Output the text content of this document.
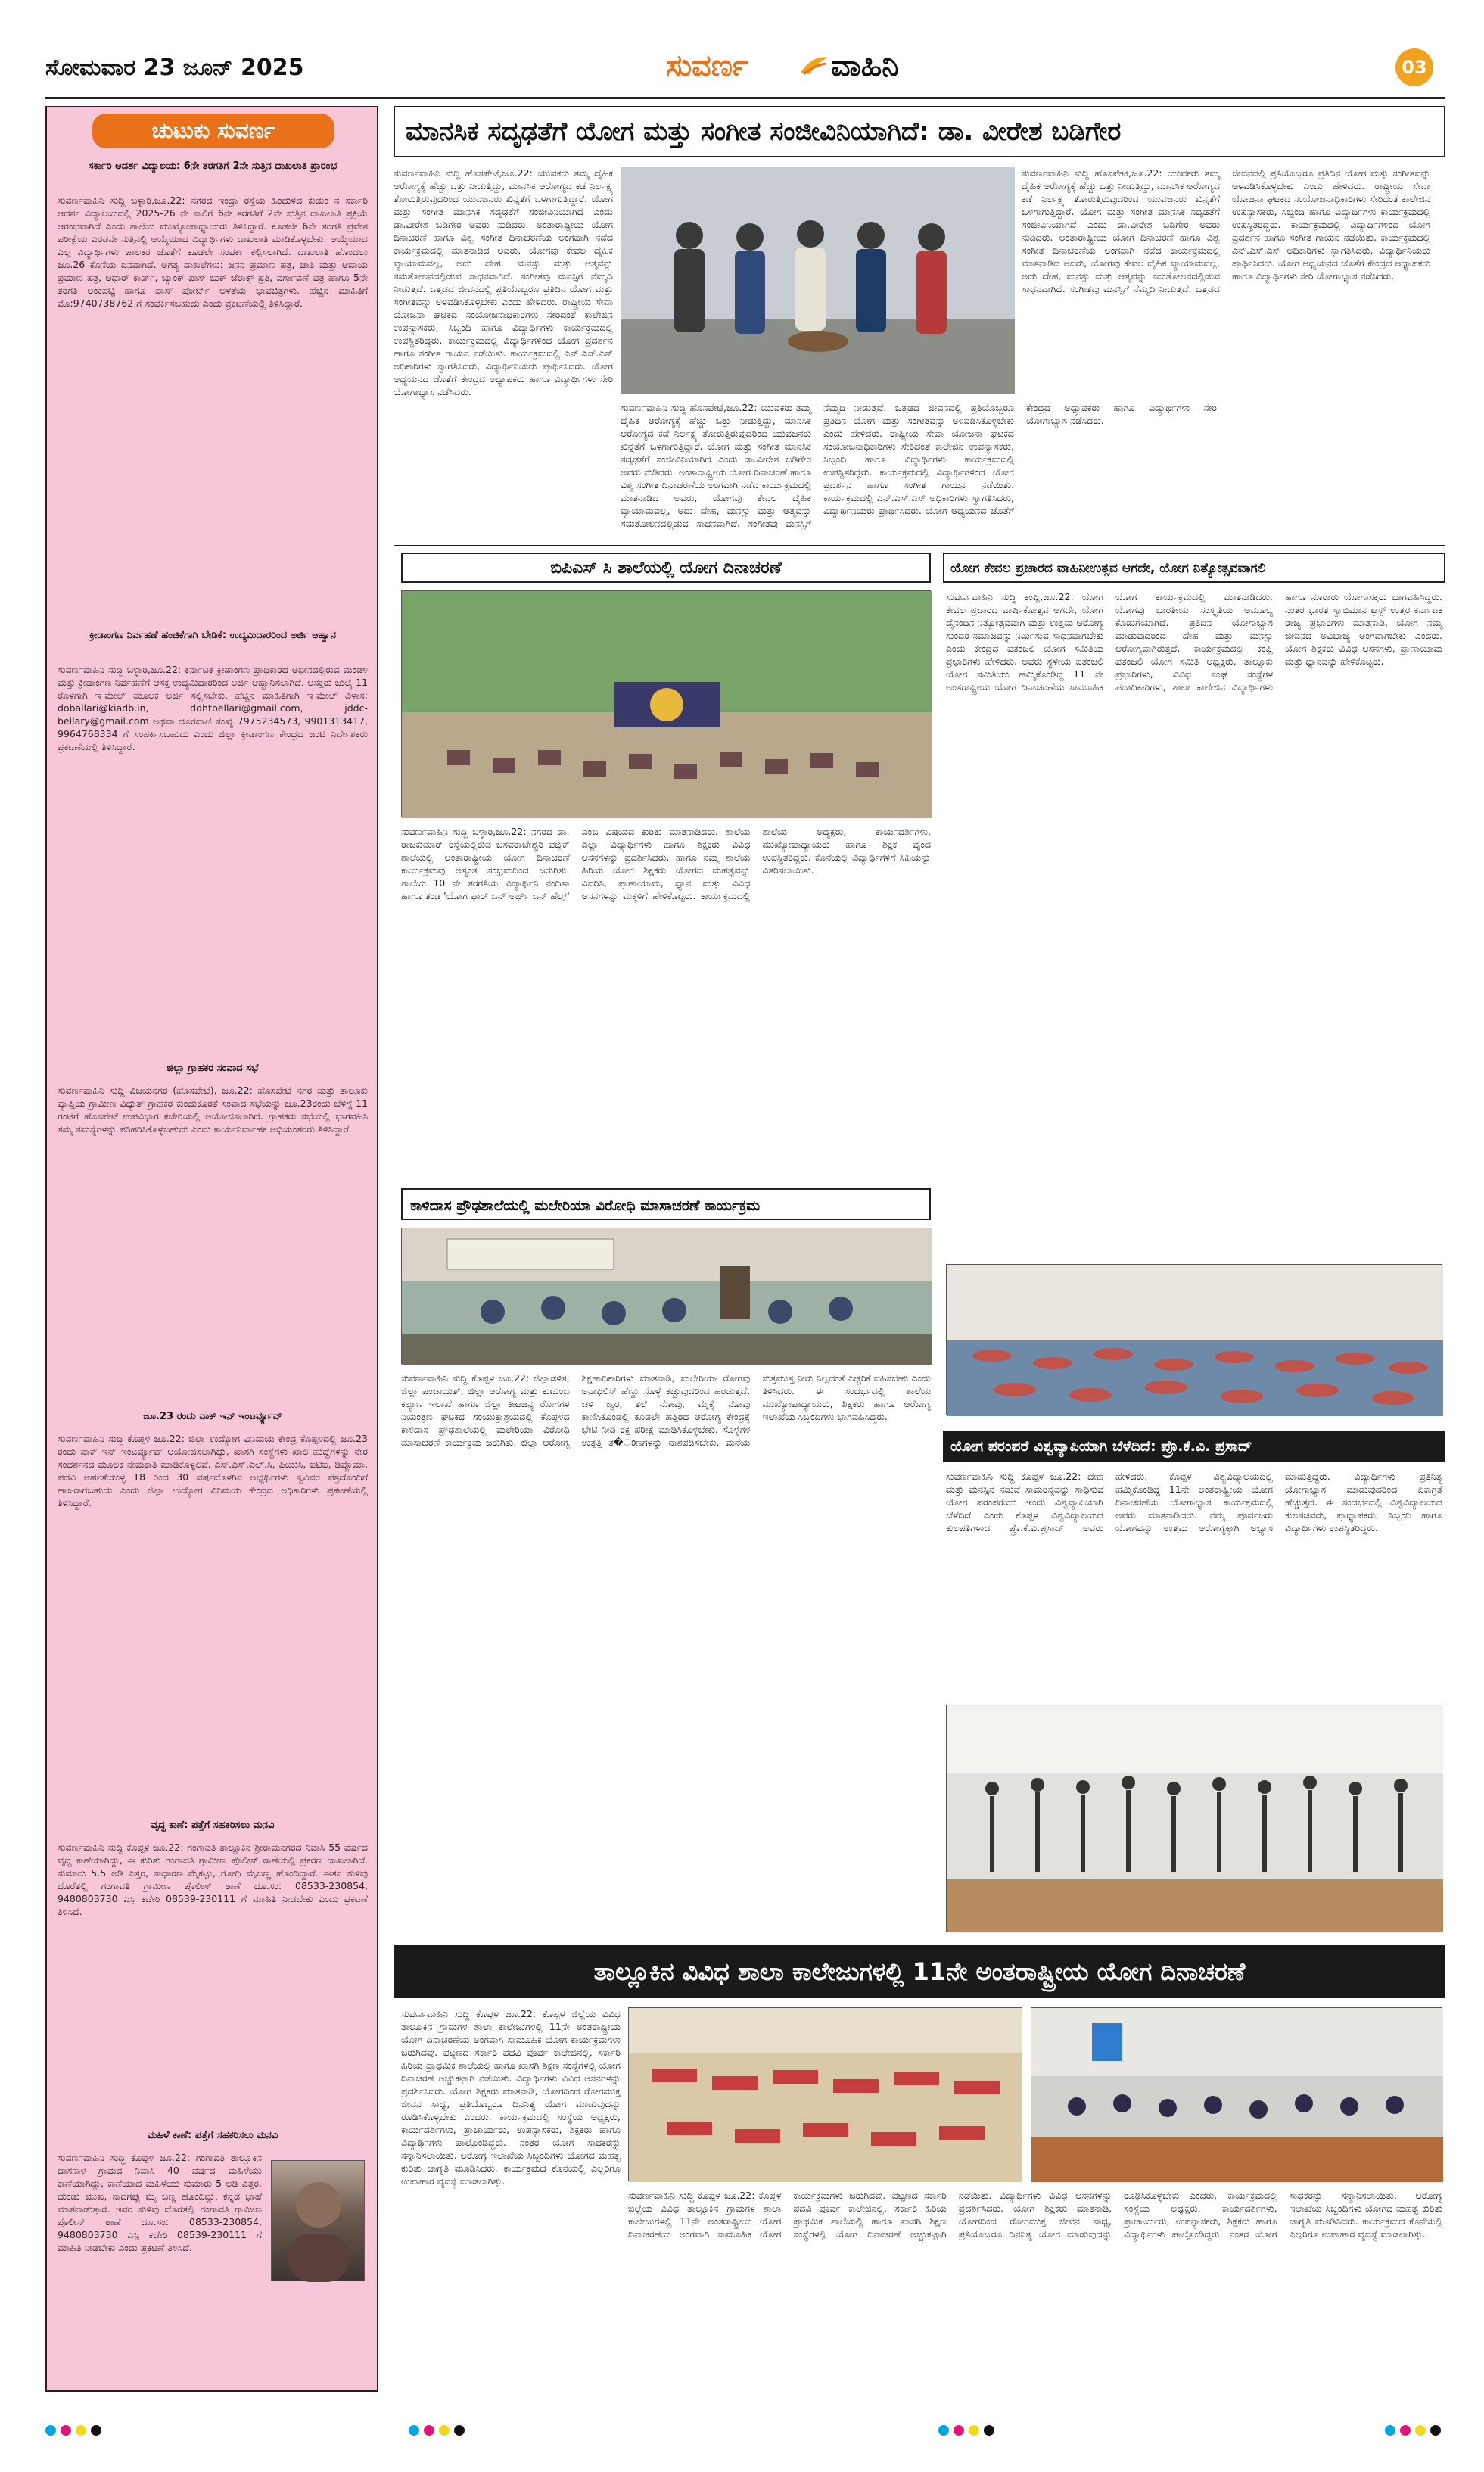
ಸೋಮವಾರ 23 ಜೂನ್ 2025	ಸುವರ್ಣ	ವಾಹಿನಿ	03
ಚುಟುಕು ಸುವರ್ಣ
ಸರ್ಕಾರಿ ಆದರ್ಶ ವಿದ್ಯಾಲಯ: 6ನೇ ತರಗತಿಗೆ 2ನೇ ಸುತ್ತಿನ ದಾಖಲಾತಿ ಪ್ರಾರಂಭ
ಸುವರ್ಣವಾಹಿನಿ ಸುದ್ದಿ ಬಳ್ಳಾರಿ,ಜೂ.22: ನಗರದ ಇಂದ್ರಾ ರಸ್ತೆಯ ಹಿಂದುಳಿದ ಕುಡುಂ ನ ಸರ್ಕಾರಿ ಆದರ್ಶ ವಿದ್ಯಾಲಯದಲ್ಲಿ 2025-26 ನೇ ಸಾಲಿಗೆ 6ನೇ ತರಗತಿಗೆ 2ನೇ ಸುತ್ತಿನ ದಾಖಲಾತಿ ಪ್ರಕ್ರಿಯೆ ಆರಂಭವಾಗಿದೆ ಎಂದು ಶಾಲೆಯ ಮುಖ್ಯೋಪಾಧ್ಯಾಯರು ತಿಳಿಸಿದ್ದಾರೆ. ಕೂಡಲೇ 6ನೇ ತರಗತಿ ಪ್ರವೇಶ ಪರೀಕ್ಷೆಯ ಎರಡನೇ ಸುತ್ತಿನಲ್ಲಿ ಆಯ್ಕೆಯಾದ ವಿದ್ಯಾರ್ಥಿಗಳು ದಾಖಲಾತಿ ಮಾಡಿಕೊಳ್ಳಬೇಕು. ಆಯ್ಕೆಯಾದ ಎಲ್ಲ ವಿದ್ಯಾರ್ಥಿಗಳು ಪಾಲಕರ ಜೊತೆಗೆ ಕೂಡಲೇ ಸಂಪರ್ಕ ಕಲ್ಪಿಸಲಾಗಿದೆ. ದಾಖಲಾತಿ ಹೊಂದಲು ಜೂ.26 ಕೊನೆಯ ದಿನವಾಗಿದೆ. ಅಗತ್ಯ ದಾಖಲೆಗಳು: ಜನನ ಪ್ರಮಾಣ ಪತ್ರ, ಜಾತಿ ಮತ್ತು ಆದಾಯ ಪ್ರಮಾಣ ಪತ್ರ, ಆಧಾರ್ ಕಾರ್ಡ್, ಬ್ಯಾಂಕ್ ಪಾಸ್ ಬುಕ್ ಜೆರಾಕ್ಸ್ ಪ್ರತಿ, ವರ್ಗಾವಣೆ ಪತ್ರ ಹಾಗೂ 5ನೇ ತರಗತಿ ಅಂಕಪಟ್ಟಿ ಹಾಗೂ ಪಾಸ್ ಪೋರ್ಟ್ ಅಳತೆಯ ಭಾವಚಿತ್ರಗಳು. ಹೆಚ್ಚಿನ ಮಾಹಿತಿಗೆ ಮೊ:9740738762 ಗೆ ಸಂಪರ್ಕಿಸಬಹುದು ಎಂದು ಪ್ರಕಟಣೆಯಲ್ಲಿ ತಿಳಿಸಿದ್ದಾರೆ.
ಕ್ರೀಡಾಂಗಣ ನಿರ್ವಹಣೆ ಹಂಚಿಕೆಗಾಗಿ ಬೇಡಿಕೆ: ಉದ್ಯಮಿದಾರರಿಂದ ಅರ್ಜಿ ಆಹ್ವಾನ
ಸುವರ್ಣವಾಹಿನಿ ಸುದ್ದಿ ಬಳ್ಳಾರಿ,ಜೂ.22: ಕರ್ನಾಟಕ ಕ್ರೀಡಾಂಗಣ ಪ್ರಾಧಿಕಾರದ ಅಧೀನದಲ್ಲಿರುವ ಮಂಡಳಿ ಮತ್ತು ಕ್ರೀಡಾಂಗಣ ನಿರ್ವಹಣೆಗೆ ಆಸಕ್ತ ಉದ್ಯಮಿದಾರರಿಂದ ಅರ್ಜಿ ಆಹ್ವಾನಿಸಲಾಗಿದೆ. ಆಸಕ್ತರು ಜುಲೈ 11 ರೊಳಗಾಗಿ ಇ-ಮೇಲ್ ಮೂಲಕ ಅರ್ಜಿ ಸಲ್ಲಿಸಬೇಕು. ಹೆಚ್ಚಿನ ಮಾಹಿತಿಗಾಗಿ ಇ-ಮೇಲ್ ವಿಳಾಸ: doballari@kiadb.in, ddhtbellari@gmail.com, jddc-bellary@gmail.com ಅಥವಾ ದೂರವಾಣಿ ಸಂಖ್ಯೆ 7975234573, 9901313417, 9964768334 ಗೆ ಸಂಪರ್ಕಿಸಬಹುದು ಎಂದು ಜಿಲ್ಲಾ ಕ್ರೀಡಾಂಗಣ ಕೇಂದ್ರದ ಜಂಟಿ ನಿರ್ದೇಶಕರು ಪ್ರಕಟಣೆಯಲ್ಲಿ ತಿಳಿಸಿದ್ದಾರೆ.
ಜಿಲ್ಲಾ ಗ್ರಾಹಕರ ಸಂವಾದ ಸಭೆ
ಸುವರ್ಣವಾಹಿನಿ ಸುದ್ದಿ ವಿಜಯನಗರ (ಹೊಸಪೇಟೆ), ಜೂ.22: ಹೊಸಪೇಟೆ ನಗರ ಮತ್ತು ತಾಲೂಕು ವ್ಯಾಪ್ತಿಯ ಗ್ರಾಮೀಣ ವಿದ್ಯುತ್ ಗ್ರಾಹಕರ ಕುಂದುಕೊರತೆ ಸಂವಾದ ಸಭೆಯನ್ನು ಜೂ.23ರಂದು ಬೆಳಿಗ್ಗೆ 11 ಗಂಟೆಗೆ ಹೊಸಪೇಟೆ ಉಪವಿಭಾಗ ಕಚೇರಿಯಲ್ಲಿ ಆಯೋಜಿಸಲಾಗಿದೆ. ಗ್ರಾಹಕರು ಸಭೆಯಲ್ಲಿ ಭಾಗವಹಿಸಿ ತಮ್ಮ ಸಮಸ್ಯೆಗಳನ್ನು ಪರಿಹರಿಸಿಕೊಳ್ಳಬಹುದು ಎಂದು ಕಾರ್ಯನಿರ್ವಾಹಕ ಅಭಿಯಂತರರು ತಿಳಿಸಿದ್ದಾರೆ.
ಜೂ.23 ರಂದು ವಾಕ್ ಇನ್ ಇಂಟರ್ವ್ಯೂವ್
ಸುವರ್ಣವಾಹಿನಿ ಸುದ್ದಿ ಕೊಪ್ಪಳ ಜೂ.22: ಜಿಲ್ಲಾ ಉದ್ಯೋಗ ವಿನಿಮಯ ಕೇಂದ್ರ ಕೊಪ್ಪಳದಲ್ಲಿ ಜೂ.23 ರಂದು ವಾಕ್ ಇನ್ ಇಂಟರ್ವ್ಯೂವ್ ಆಯೋಜಿಸಲಾಗಿದ್ದು, ಖಾಸಗಿ ಸಂಸ್ಥೆಗಳು ಖಾಲಿ ಹುದ್ದೆಗಳನ್ನು ನೇರ ಸಂದರ್ಶನದ ಮೂಲಕ ನೇಮಕಾತಿ ಮಾಡಿಕೊಳ್ಳಲಿವೆ. ಎಸ್.ಎಸ್.ಎಲ್.ಸಿ, ಪಿಯುಸಿ, ಐಟಿಐ, ಡಿಪ್ಲೊಮಾ, ಪದವಿ ಅರ್ಹತೆಯುಳ್ಳ 18 ರಿಂದ 30 ವರ್ಷದೊಳಗಿನ ಅಭ್ಯರ್ಥಿಗಳು ಸ್ವವಿವರ ಪತ್ರದೊಂದಿಗೆ ಹಾಜರಾಗಬಹುದು ಎಂದು ಜಿಲ್ಲಾ ಉದ್ಯೋಗ ವಿನಿಮಯ ಕೇಂದ್ರದ ಅಧಿಕಾರಿಗಳು ಪ್ರಕಟಣೆಯಲ್ಲಿ ತಿಳಿಸಿದ್ದಾರೆ.
ವೃದ್ಧ ಕಾಣೆ: ಪತ್ತೆಗೆ ಸಹಕರಿಸಲು ಮನವಿ
ಸುವರ್ಣವಾಹಿನಿ ಸುದ್ದಿ ಕೊಪ್ಪಳ ಜೂ.22: ಗಂಗಾವತಿ ತಾಲ್ಲೂಕಿನ ಶ್ರೀರಾಮನಗರದ ನಿವಾಸಿ 55 ವರ್ಷದ ವೃದ್ಧ ಕಾಣೆಯಾಗಿದ್ದು, ಈ ಕುರಿತು ಗಂಗಾವತಿ ಗ್ರಾಮೀಣ ಪೊಲೀಸ್ ಠಾಣೆಯಲ್ಲಿ ಪ್ರಕರಣ ದಾಖಲಾಗಿದೆ. ಸುಮಾರು 5.5 ಅಡಿ ಎತ್ತರ, ಸಾಧಾರಣ ಮೈಕಟ್ಟು, ಗೋಧಿ ಮೈಬಣ್ಣ ಹೊಂದಿದ್ದಾರೆ. ಈತನ ಸುಳಿವು ದೊರೆತಲ್ಲಿ ಗಂಗಾವತಿ ಗ್ರಾಮೀಣ ಪೊಲೀಸ್ ಠಾಣೆ ದೂ.ಸಂ: 08533-230854, 9480803730 ಎಸ್ಪಿ ಕಚೇರಿ 08539-230111 ಗೆ ಮಾಹಿತಿ ನೀಡಬೇಕು ಎಂದು ಪ್ರಕಟಣೆ ತಿಳಿಸಿದೆ.
ಮಹಿಳೆ ಕಾಣೆ: ಪತ್ತೆಗೆ ಸಹಕರಿಸಲು ಮನವಿ
ಸುವರ್ಣವಾಹಿನಿ ಸುದ್ದಿ ಕೊಪ್ಪಳ ಜೂ.22: ಗಂಗಾವತಿ ತಾಲ್ಲೂಕಿನ ದಾಸನಾಳ ಗ್ರಾಮದ ನಿವಾಸಿ 40 ವರ್ಷದ ಮಹಿಳೆಯು ಕಾಣೆಯಾಗಿದ್ದು, ಕಾಣೆಯಾದ ಮಹಿಳೆಯು ಸುಮಾರು 5 ಅಡಿ ಎತ್ತರ, ದುಂಡು ಮುಖ, ಸಾದಗಪ್ಪು ಮೈ ಬಣ್ಣ ಹೊಂದಿದ್ದು, ಕನ್ನಡ ಭಾಷೆ ಮಾತನಾಡುತ್ತಾರೆ. ಇವರ ಸುಳಿವು ದೊರೆತಲ್ಲಿ ಗಂಗಾವತಿ ಗ್ರಾಮೀಣ ಪೊಲೀಸ್ ಠಾಣೆ ದೂ.ಸಂ: 08533-230854, 9480803730 ಎಸ್ಪಿ ಕಚೇರಿ 08539-230111 ಗೆ ಮಾಹಿತಿ ನೀಡಬೇಕು ಎಂದು ಪ್ರಕಟಣೆ ತಿಳಿಸಿದೆ.
ಮಾನಸಿಕ ಸದೃಢತೆಗೆ ಯೋಗ ಮತ್ತು ಸಂಗೀತ ಸಂಜೀವಿನಿಯಾಗಿದೆ: ಡಾ. ವೀರೇಶ ಬಡಿಗೇರ
ಸುವರ್ಣವಾಹಿನಿ ಸುದ್ದಿ ಹೊಸಪೇಟೆ,ಜೂ.22: ಯುವಕರು ತಮ್ಮ ದೈಹಿಕ ಆರೋಗ್ಯಕ್ಕೆ ಹೆಚ್ಚು ಒತ್ತು ನೀಡುತ್ತಿದ್ದು, ಮಾನಸಿಕ ಆರೋಗ್ಯದ ಕಡೆ ನಿರ್ಲಕ್ಷ್ಯ ತೋರುತ್ತಿರುವುದರಿಂದ ಯುವಜನರು ಖಿನ್ನತೆಗೆ ಒಳಗಾಗುತ್ತಿದ್ದಾರೆ. ಯೋಗ ಮತ್ತು ಸಂಗೀತ ಮಾನಸಿಕ ಸದೃಢತೆಗೆ ಸಂಜೀವಿನಿಯಾಗಿದೆ ಎಂದು ಡಾ.ವೀರೇಶ ಬಡಿಗೇರ ಅವರು ನುಡಿದರು. ಅಂತಾರಾಷ್ಟ್ರೀಯ ಯೋಗ ದಿನಾಚರಣೆ ಹಾಗೂ ವಿಶ್ವ ಸಂಗೀತ ದಿನಾಚರಣೆಯ ಅಂಗವಾಗಿ ನಡೆದ ಕಾರ್ಯಕ್ರಮದಲ್ಲಿ ಮಾತನಾಡಿದ ಅವರು, ಯೋಗವು ಕೇವಲ ದೈಹಿಕ ವ್ಯಾಯಾಮವಲ್ಲ, ಅದು ದೇಹ, ಮನಸ್ಸು ಮತ್ತು ಆತ್ಮವನ್ನು ಸಮತೋಲನದಲ್ಲಿಡುವ ಸಾಧನವಾಗಿದೆ. ಸಂಗೀತವು ಮನಸ್ಸಿಗೆ ನೆಮ್ಮದಿ ನೀಡುತ್ತದೆ. ಒತ್ತಡದ ಜೀವನದಲ್ಲಿ ಪ್ರತಿಯೊಬ್ಬರೂ ಪ್ರತಿದಿನ ಯೋಗ ಮತ್ತು ಸಂಗೀತವನ್ನು ಅಳವಡಿಸಿಕೊಳ್ಳಬೇಕು ಎಂದು ಹೇಳಿದರು. ರಾಷ್ಟ್ರೀಯ ಸೇವಾ ಯೋಜನಾ ಘಟಕದ ಸಂಯೋಜನಾಧಿಕಾರಿಗಳು ಸೇರಿದಂತೆ ಕಾಲೇಜಿನ ಉಪನ್ಯಾಸಕರು, ಸಿಬ್ಬಂದಿ ಹಾಗೂ ವಿದ್ಯಾರ್ಥಿಗಳು ಕಾರ್ಯಕ್ರಮದಲ್ಲಿ ಉಪಸ್ಥಿತರಿದ್ದರು. ಕಾರ್ಯಕ್ರಮದಲ್ಲಿ ವಿದ್ಯಾರ್ಥಿಗಳಿಂದ ಯೋಗ ಪ್ರದರ್ಶನ ಹಾಗೂ ಸಂಗೀತ ಗಾಯನ ನಡೆಯಿತು. ಕಾರ್ಯಕ್ರಮದಲ್ಲಿ ಎನ್.ಎಸ್.ಎಸ್ ಅಧಿಕಾರಿಗಳು ಸ್ವಾಗತಿಸಿದರು, ವಿದ್ಯಾರ್ಥಿನಿಯರು ಪ್ರಾರ್ಥಿಸಿದರು. ಯೋಗ ಆಧ್ಯಯನದ ಜೊತೆಗೆ ಕೇಂದ್ರದ ಅಧ್ಯಾಪಕರು ಹಾಗೂ ವಿದ್ಯಾರ್ಥಿಗಳು ಸೇರಿ ಯೋಗಾಭ್ಯಾಸ ನಡೆಸಿದರು.
ಸುವರ್ಣವಾಹಿನಿ ಸುದ್ದಿ ಹೊಸಪೇಟೆ,ಜೂ.22: ಯುವಕರು ತಮ್ಮ ದೈಹಿಕ ಆರೋಗ್ಯಕ್ಕೆ ಹೆಚ್ಚು ಒತ್ತು ನೀಡುತ್ತಿದ್ದು, ಮಾನಸಿಕ ಆರೋಗ್ಯದ ಕಡೆ ನಿರ್ಲಕ್ಷ್ಯ ತೋರುತ್ತಿರುವುದರಿಂದ ಯುವಜನರು ಖಿನ್ನತೆಗೆ ಒಳಗಾಗುತ್ತಿದ್ದಾರೆ. ಯೋಗ ಮತ್ತು ಸಂಗೀತ ಮಾನಸಿಕ ಸದೃಢತೆಗೆ ಸಂಜೀವಿನಿಯಾಗಿದೆ ಎಂದು ಡಾ.ವೀರೇಶ ಬಡಿಗೇರ ಅವರು ನುಡಿದರು. ಅಂತಾರಾಷ್ಟ್ರೀಯ ಯೋಗ ದಿನಾಚರಣೆ ಹಾಗೂ ವಿಶ್ವ ಸಂಗೀತ ದಿನಾಚರಣೆಯ ಅಂಗವಾಗಿ ನಡೆದ ಕಾರ್ಯಕ್ರಮದಲ್ಲಿ ಮಾತನಾಡಿದ ಅವರು, ಯೋಗವು ಕೇವಲ ದೈಹಿಕ ವ್ಯಾಯಾಮವಲ್ಲ, ಅದು ದೇಹ, ಮನಸ್ಸು ಮತ್ತು ಆತ್ಮವನ್ನು ಸಮತೋಲನದಲ್ಲಿಡುವ ಸಾಧನವಾಗಿದೆ. ಸಂಗೀತವು ಮನಸ್ಸಿಗೆ ನೆಮ್ಮದಿ ನೀಡುತ್ತದೆ. ಒತ್ತಡದ ಜೀವನದಲ್ಲಿ ಪ್ರತಿಯೊಬ್ಬರೂ ಪ್ರತಿದಿನ ಯೋಗ ಮತ್ತು ಸಂಗೀತವನ್ನು ಅಳವಡಿಸಿಕೊಳ್ಳಬೇಕು ಎಂದು ಹೇಳಿದರು. ರಾಷ್ಟ್ರೀಯ ಸೇವಾ ಯೋಜನಾ ಘಟಕದ ಸಂಯೋಜನಾಧಿಕಾರಿಗಳು ಸೇರಿದಂತೆ ಕಾಲೇಜಿನ ಉಪನ್ಯಾಸಕರು, ಸಿಬ್ಬಂದಿ ಹಾಗೂ ವಿದ್ಯಾರ್ಥಿಗಳು ಕಾರ್ಯಕ್ರಮದಲ್ಲಿ ಉಪಸ್ಥಿತರಿದ್ದರು. ಕಾರ್ಯಕ್ರಮದಲ್ಲಿ ವಿದ್ಯಾರ್ಥಿಗಳಿಂದ ಯೋಗ ಪ್ರದರ್ಶನ ಹಾಗೂ ಸಂಗೀತ ಗಾಯನ ನಡೆಯಿತು. ಕಾರ್ಯಕ್ರಮದಲ್ಲಿ ಎನ್.ಎಸ್.ಎಸ್ ಅಧಿಕಾರಿಗಳು ಸ್ವಾಗತಿಸಿದರು, ವಿದ್ಯಾರ್ಥಿನಿಯರು ಪ್ರಾರ್ಥಿಸಿದರು. ಯೋಗ ಆಧ್ಯಯನದ ಜೊತೆಗೆ ಕೇಂದ್ರದ ಅಧ್ಯಾಪಕರು ಹಾಗೂ ವಿದ್ಯಾರ್ಥಿಗಳು ಸೇರಿ ಯೋಗಾಭ್ಯಾಸ ನಡೆಸಿದರು.
ಸುವರ್ಣವಾಹಿನಿ ಸುದ್ದಿ ಹೊಸಪೇಟೆ,ಜೂ.22: ಯುವಕರು ತಮ್ಮ ದೈಹಿಕ ಆರೋಗ್ಯಕ್ಕೆ ಹೆಚ್ಚು ಒತ್ತು ನೀಡುತ್ತಿದ್ದು, ಮಾನಸಿಕ ಆರೋಗ್ಯದ ಕಡೆ ನಿರ್ಲಕ್ಷ್ಯ ತೋರುತ್ತಿರುವುದರಿಂದ ಯುವಜನರು ಖಿನ್ನತೆಗೆ ಒಳಗಾಗುತ್ತಿದ್ದಾರೆ. ಯೋಗ ಮತ್ತು ಸಂಗೀತ ಮಾನಸಿಕ ಸದೃಢತೆಗೆ ಸಂಜೀವಿನಿಯಾಗಿದೆ ಎಂದು ಡಾ.ವೀರೇಶ ಬಡಿಗೇರ ಅವರು ನುಡಿದರು. ಅಂತಾರಾಷ್ಟ್ರೀಯ ಯೋಗ ದಿನಾಚರಣೆ ಹಾಗೂ ವಿಶ್ವ ಸಂಗೀತ ದಿನಾಚರಣೆಯ ಅಂಗವಾಗಿ ನಡೆದ ಕಾರ್ಯಕ್ರಮದಲ್ಲಿ ಮಾತನಾಡಿದ ಅವರು, ಯೋಗವು ಕೇವಲ ದೈಹಿಕ ವ್ಯಾಯಾಮವಲ್ಲ, ಅದು ದೇಹ, ಮನಸ್ಸು ಮತ್ತು ಆತ್ಮವನ್ನು ಸಮತೋಲನದಲ್ಲಿಡುವ ಸಾಧನವಾಗಿದೆ. ಸಂಗೀತವು ಮನಸ್ಸಿಗೆ ನೆಮ್ಮದಿ ನೀಡುತ್ತದೆ. ಒತ್ತಡದ ಜೀವನದಲ್ಲಿ ಪ್ರತಿಯೊಬ್ಬರೂ ಪ್ರತಿದಿನ ಯೋಗ ಮತ್ತು ಸಂಗೀತವನ್ನು ಅಳವಡಿಸಿಕೊಳ್ಳಬೇಕು ಎಂದು ಹೇಳಿದರು. ರಾಷ್ಟ್ರೀಯ ಸೇವಾ ಯೋಜನಾ ಘಟಕದ ಸಂಯೋಜನಾಧಿಕಾರಿಗಳು ಸೇರಿದಂತೆ ಕಾಲೇಜಿನ ಉಪನ್ಯಾಸಕರು, ಸಿಬ್ಬಂದಿ ಹಾಗೂ ವಿದ್ಯಾರ್ಥಿಗಳು ಕಾರ್ಯಕ್ರಮದಲ್ಲಿ ಉಪಸ್ಥಿತರಿದ್ದರು. ಕಾರ್ಯಕ್ರಮದಲ್ಲಿ ವಿದ್ಯಾರ್ಥಿಗಳಿಂದ ಯೋಗ ಪ್ರದರ್ಶನ ಹಾಗೂ ಸಂಗೀತ ಗಾಯನ ನಡೆಯಿತು. ಕಾರ್ಯಕ್ರಮದಲ್ಲಿ ಎನ್.ಎಸ್.ಎಸ್ ಅಧಿಕಾರಿಗಳು ಸ್ವಾಗತಿಸಿದರು, ವಿದ್ಯಾರ್ಥಿನಿಯರು ಪ್ರಾರ್ಥಿಸಿದರು. ಯೋಗ ಆಧ್ಯಯನದ ಜೊತೆಗೆ ಕೇಂದ್ರದ ಅಧ್ಯಾಪಕರು ಹಾಗೂ ವಿದ್ಯಾರ್ಥಿಗಳು ಸೇರಿ ಯೋಗಾಭ್ಯಾಸ ನಡೆಸಿದರು.
ಬಿಪಿಎಸ್ ಸಿ ಶಾಲೆಯಲ್ಲಿ ಯೋಗ ದಿನಾಚರಣೆ
ಸುವರ್ಣವಾಹಿನಿ ಸುದ್ದಿ ಬಳ್ಳಾರಿ,ಜೂ.22: ನಗರದ ಡಾ. ರಾಜಕುಮಾರ್ ರಸ್ತೆಯಲ್ಲಿರುವ ಬಸವರಾಜೇಶ್ವರಿ ಪಬ್ಲಿಕ್ ಶಾಲೆಯಲ್ಲಿ ಅಂತಾರಾಷ್ಟ್ರೀಯ ಯೋಗ ದಿನಾಚರಣೆ ಕಾರ್ಯಕ್ರಮವು ಅತ್ಯಂತ ಸಂಭ್ರಮದಿಂದ ಜರುಗಿತು. ಶಾಲೆಯ 10 ನೇ ತರಗತಿಯ ವಿದ್ಯಾರ್ಥಿನಿ ನಂದಿತಾ ಹಾಗೂ ತಂಡ 'ಯೋಗ ಫಾರ್ ಒನ್ ಅರ್ಥ್ ಒನ್ ಹೆಲ್ತ್' ಎಂಬ ವಿಷಯದ ಕುರಿತು ಮಾತನಾಡಿದರು. ಶಾಲೆಯ ಎಲ್ಲಾ ವಿದ್ಯಾರ್ಥಿಗಳು ಹಾಗೂ ಶಿಕ್ಷಕರು ವಿವಿಧ ಆಸನಗಳನ್ನು ಪ್ರದರ್ಶಿಸಿದರು. ಹಾಗೂ ನಮ್ಮ ಶಾಲೆಯ ಹಿರಿಯ ಯೋಗ ಶಿಕ್ಷಕರು ಯೋಗದ ಮಹತ್ವವನ್ನು ವಿವರಿಸಿ, ಪ್ರಾಣಾಯಾಮ, ಧ್ಯಾನ ಮತ್ತು ವಿವಿಧ ಆಸನಗಳನ್ನು ಮಕ್ಕಳಿಗೆ ಹೇಳಿಕೊಟ್ಟರು. ಕಾರ್ಯಕ್ರಮದಲ್ಲಿ ಶಾಲೆಯ ಅಧ್ಯಕ್ಷರು, ಕಾರ್ಯದರ್ಶಿಗಳು, ಮುಖ್ಯೋಪಾಧ್ಯಾಯರು ಹಾಗೂ ಶಿಕ್ಷಕ ವೃಂದ ಉಪಸ್ಥಿತರಿದ್ದರು. ಕೊನೆಯಲ್ಲಿ ವಿದ್ಯಾರ್ಥಿಗಳಿಗೆ ಸಿಹಿಯನ್ನು ವಿತರಿಸಲಾಯಿತು.
ಯೋಗ ಕೇವಲ ಪ್ರಚಾರದ ವಾಹಿನೀಉತ್ಸವ ಆಗದೇ, ಯೋಗ ನಿತ್ಯೋತ್ಸವವಾಗಲಿ
ಸುವರ್ಣವಾಹಿನಿ ಸುದ್ದಿ ಕಂಪ್ಲಿ,ಜೂ.22: ಯೋಗ ಕೇವಲ ಪ್ರಚಾರದ ವಾರ್ಷಿಕೋತ್ಸವ ಆಗದೇ, ಯೋಗ ದೈನಂದಿನ ನಿತ್ಯೋತ್ಸವವಾಗಿ ಮತ್ತು ಉತ್ತಮ ಆರೋಗ್ಯ ಸುಂದರ ಸಮಾಜವನ್ನು ನಿರ್ಮಿಸುವ ಸಾಧನವಾಗಬೇಕು ಎಂದು ಕೇಂದ್ರದ ಪತಂಜಲಿ ಯೋಗ ಸಮಿತಿಯ ಪ್ರಭಾರಿಗಳು ಹೇಳಿದರು. ಅವರು ಸ್ಥಳೀಯ ಪತಂಜಲಿ ಯೋಗ ಸಮಿತಿಯು ಹಮ್ಮಿಕೊಂಡಿದ್ದ 11 ನೇ ಅಂತರಾಷ್ಟ್ರೀಯ ಯೋಗ ದಿನಾಚರಣೆಯ ಸಾಮೂಹಿಕ ಯೋಗ ಕಾರ್ಯಕ್ರಮದಲ್ಲಿ ಮಾತನಾಡಿದರು. ಯೋಗವು ಭಾರತೀಯ ಸಂಸ್ಕೃತಿಯ ಅಮೂಲ್ಯ ಕೊಡುಗೆಯಾಗಿದೆ. ಪ್ರತಿದಿನ ಯೋಗಾಭ್ಯಾಸ ಮಾಡುವುದರಿಂದ ದೇಹ ಮತ್ತು ಮನಸ್ಸು ಆರೋಗ್ಯವಾಗಿರುತ್ತದೆ. ಕಾರ್ಯಕ್ರಮದಲ್ಲಿ ಕಂಪ್ಲಿ ಪತಂಜಲಿ ಯೋಗ ಸಮಿತಿ ಅಧ್ಯಕ್ಷರು, ತಾಲ್ಲೂಕು ಪ್ರಭಾರಿಗಳು, ವಿವಿಧ ಸಂಘ ಸಂಸ್ಥೆಗಳ ಪದಾಧಿಕಾರಿಗಳು, ಶಾಲಾ ಕಾಲೇಜಿನ ವಿದ್ಯಾರ್ಥಿಗಳು ಹಾಗೂ ನೂರಾರು ಯೋಗಾಸಕ್ತರು ಭಾಗವಹಿಸಿದ್ದರು. ನಂತರ ಭಾರತ ಸ್ವಾಭಿಮಾನ ಟ್ರಸ್ಟ್ ಉತ್ತರ ಕರ್ನಾಟಕ ರಾಜ್ಯ ಪ್ರಭಾರಿಗಳು ಮಾತನಾಡಿ, ಯೋಗ ನಮ್ಮ ಜೀವನದ ಅವಿಭಾಜ್ಯ ಅಂಗವಾಗಬೇಕು ಎಂದರು. ಯೋಗ ಶಿಕ್ಷಕರು ವಿವಿಧ ಆಸನಗಳು, ಪ್ರಾಣಾಯಾಮ ಮತ್ತು ಧ್ಯಾನವನ್ನು ಹೇಳಿಕೊಟ್ಟರು.
ಕಾಳಿದಾಸ ಪ್ರೌಢಶಾಲೆಯಲ್ಲಿ ಮಲೇರಿಯಾ ವಿರೋಧಿ ಮಾಸಾಚರಣೆ ಕಾರ್ಯಕ್ರಮ
ಸುವರ್ಣವಾಹಿನಿ ಸುದ್ದಿ ಕೊಪ್ಪಳ ಜೂ.22: ಜಿಲ್ಲಾಡಳಿತ, ಜಿಲ್ಲಾ ಪಂಚಾಯತ್, ಜಿಲ್ಲಾ ಆರೋಗ್ಯ ಮತ್ತು ಕುಟುಂಬ ಕಲ್ಯಾಣ ಇಲಾಖೆ ಹಾಗೂ ಜಿಲ್ಲಾ ಕೀಟಜನ್ಯ ರೋಗಗಳ ನಿಯಂತ್ರಣ ಘಟಕದ ಸಂಯುಕ್ತಾಶ್ರಯದಲ್ಲಿ ಕೊಪ್ಪಳದ ಕಾಳಿದಾಸ ಪ್ರೌಢಶಾಲೆಯಲ್ಲಿ ಮಲೇರಿಯಾ ವಿರೋಧಿ ಮಾಸಾಚರಣೆ ಕಾರ್ಯಕ್ರಮ ಜರುಗಿತು. ಜಿಲ್ಲಾ ಆರೋಗ್ಯ ಶಿಕ್ಷಣಾಧಿಕಾರಿಗಳು ಮಾತನಾಡಿ, ಮಲೇರಿಯಾ ರೋಗವು ಅನಾಫಿಲಿಸ್ ಹೆಣ್ಣು ಸೊಳ್ಳೆ ಕಚ್ಚುವುದರಿಂದ ಹರಡುತ್ತದೆ. ಚಳಿ ಜ್ವರ, ತಲೆ ನೋವು, ಮೈಕೈ ನೋವು ಕಾಣಿಸಿಕೊಂಡಲ್ಲಿ ಕೂಡಲೇ ಹತ್ತಿರದ ಆರೋಗ್ಯ ಕೇಂದ್ರಕ್ಕೆ ಭೇಟಿ ನೀಡಿ ರಕ್ತ ಪರೀಕ್ಷೆ ಮಾಡಿಸಿಕೊಳ್ಳಬೇಕು. ಸೊಳ್ಳೆಗಳ ಉತ್ಪತ್ತಿ ತ�ാಣಗಳನ್ನು ನಾಶಪಡಿಸಬೇಕು, ಮನೆಯ ಸುತ್ತಮುತ್ತ ನೀರು ನಿಲ್ಲದಂತೆ ಎಚ್ಚರಿಕೆ ವಹಿಸಬೇಕು ಎಂದು ತಿಳಿಸಿದರು. ಈ ಸಂದರ್ಭದಲ್ಲಿ ಶಾಲೆಯ ಮುಖ್ಯೋಪಾಧ್ಯಾಯರು, ಶಿಕ್ಷಕರು ಹಾಗೂ ಆರೋಗ್ಯ ಇಲಾಖೆಯ ಸಿಬ್ಬಂದಿಗಳು ಭಾಗವಹಿಸಿದ್ದರು.
ಯೋಗ ಪರಂಪರೆ ವಿಶ್ವವ್ಯಾಪಿಯಾಗಿ ಬೆಳೆದಿದೆ: ಪ್ರೊ.ಕೆ.ವಿ. ಪ್ರಸಾದ್
ಸುವರ್ಣವಾಹಿನಿ ಸುದ್ದಿ ಕೊಪ್ಪಳ ಜೂ.22: ದೇಹ ಮತ್ತು ಮನಸ್ಸಿನ ನಡುವೆ ಸಾಮರಸ್ಯವನ್ನು ಸಾಧಿಸುವ ಯೋಗ ಪರಂಪರೆಯು ಇಂದು ವಿಶ್ವವ್ಯಾಪಿಯಾಗಿ ಬೆಳೆದಿದೆ ಎಂದು ಕೊಪ್ಪಳ ವಿಶ್ವವಿದ್ಯಾಲಯದ ಕುಲಪತಿಗಳಾದ ಪ್ರೊ.ಕೆ.ವಿ.ಪ್ರಸಾದ್ ಅವರು ಹೇಳಿದರು. ಕೊಪ್ಪಳ ವಿಶ್ವವಿದ್ಯಾಲಯದಲ್ಲಿ ಹಮ್ಮಿಕೊಂಡಿದ್ದ 11ನೇ ಅಂತರಾಷ್ಟ್ರೀಯ ಯೋಗ ದಿನಾಚರಣೆಯ ಯೋಗಾಭ್ಯಾಸ ಕಾರ್ಯಕ್ರಮದಲ್ಲಿ ಅವರು ಮಾತನಾಡಿದರು. ನಮ್ಮ ಪೂರ್ವಜರು ಯೋಗವನ್ನು ಉತ್ತಮ ಆರೋಗ್ಯಕ್ಕಾಗಿ ಅಭ್ಯಾಸ ಮಾಡುತ್ತಿದ್ದರು. ವಿದ್ಯಾರ್ಥಿಗಳು ಪ್ರತಿನಿತ್ಯ ಯೋಗಾಭ್ಯಾಸ ಮಾಡುವುದರಿಂದ ಏಕಾಗ್ರತೆ ಹೆಚ್ಚುತ್ತದೆ. ಈ ಸಂದರ್ಭದಲ್ಲಿ ವಿಶ್ವವಿದ್ಯಾಲಯದ ಕುಲಸಚಿವರು, ಪ್ರಾಧ್ಯಾಪಕರು, ಸಿಬ್ಬಂದಿ ಹಾಗೂ ವಿದ್ಯಾರ್ಥಿಗಳು ಉಪಸ್ಥಿತರಿದ್ದರು.
ತಾಲ್ಲೂಕಿನ ವಿವಿಧ ಶಾಲಾ ಕಾಲೇಜುಗಳಲ್ಲಿ 11ನೇ ಅಂತರಾಷ್ಟ್ರೀಯ ಯೋಗ ದಿನಾಚರಣೆ
ಸುವರ್ಣವಾಹಿನಿ ಸುದ್ದಿ ಕೊಪ್ಪಳ ಜೂ.22: ಕೊಪ್ಪಳ ಜಿಲ್ಲೆಯ ವಿವಿಧ ತಾಲ್ಲೂಕಿನ ಗ್ರಾಮಗಳ ಶಾಲಾ ಕಾಲೇಜುಗಳಲ್ಲಿ 11ನೇ ಅಂತರಾಷ್ಟ್ರೀಯ ಯೋಗ ದಿನಾಚರಣೆಯ ಅಂಗವಾಗಿ ಸಾಮೂಹಿಕ ಯೋಗ ಕಾರ್ಯಕ್ರಮಗಳು ಜರುಗಿದವು. ಪಟ್ಟಣದ ಸರ್ಕಾರಿ ಪದವಿ ಪೂರ್ವ ಕಾಲೇಜಿನಲ್ಲಿ, ಸರ್ಕಾರಿ ಹಿರಿಯ ಪ್ರಾಥಮಿಕ ಶಾಲೆಯಲ್ಲಿ ಹಾಗೂ ಖಾಸಗಿ ಶಿಕ್ಷಣ ಸಂಸ್ಥೆಗಳಲ್ಲಿ ಯೋಗ ದಿನಾಚರಣೆ ಅಚ್ಚುಕಟ್ಟಾಗಿ ನಡೆಯಿತು. ವಿದ್ಯಾರ್ಥಿಗಳು ವಿವಿಧ ಆಸನಗಳನ್ನು ಪ್ರದರ್ಶಿಸಿದರು. ಯೋಗ ಶಿಕ್ಷಕರು ಮಾತನಾಡಿ, ಯೋಗದಿಂದ ರೋಗಮುಕ್ತ ಜೀವನ ಸಾಧ್ಯ, ಪ್ರತಿಯೊಬ್ಬರೂ ದಿನನಿತ್ಯ ಯೋಗ ಮಾಡುವುದನ್ನು ರೂಢಿಸಿಕೊಳ್ಳಬೇಕು ಎಂದರು. ಕಾರ್ಯಕ್ರಮದಲ್ಲಿ ಸಂಸ್ಥೆಯ ಅಧ್ಯಕ್ಷರು, ಕಾರ್ಯದರ್ಶಿಗಳು, ಪ್ರಾಚಾರ್ಯರು, ಉಪನ್ಯಾಸಕರು, ಶಿಕ್ಷಕರು ಹಾಗೂ ವಿದ್ಯಾರ್ಥಿಗಳು ಪಾಲ್ಗೊಂಡಿದ್ದರು. ನಂತರ ಯೋಗ ಸಾಧಕರನ್ನು ಸನ್ಮಾನಿಸಲಾಯಿತು. ಆರೋಗ್ಯ ಇಲಾಖೆಯ ಸಿಬ್ಬಂದಿಗಳು ಯೋಗದ ಮಹತ್ವ ಕುರಿತು ಜಾಗೃತಿ ಮೂಡಿಸಿದರು. ಕಾರ್ಯಕ್ರಮದ ಕೊನೆಯಲ್ಲಿ ಎಲ್ಲರಿಗೂ ಉಪಾಹಾರ ವ್ಯವಸ್ಥೆ ಮಾಡಲಾಗಿತ್ತು.
ಸುವರ್ಣವಾಹಿನಿ ಸುದ್ದಿ ಕೊಪ್ಪಳ ಜೂ.22: ಕೊಪ್ಪಳ ಜಿಲ್ಲೆಯ ವಿವಿಧ ತಾಲ್ಲೂಕಿನ ಗ್ರಾಮಗಳ ಶಾಲಾ ಕಾಲೇಜುಗಳಲ್ಲಿ 11ನೇ ಅಂತರಾಷ್ಟ್ರೀಯ ಯೋಗ ದಿನಾಚರಣೆಯ ಅಂಗವಾಗಿ ಸಾಮೂಹಿಕ ಯೋಗ ಕಾರ್ಯಕ್ರಮಗಳು ಜರುಗಿದವು. ಪಟ್ಟಣದ ಸರ್ಕಾರಿ ಪದವಿ ಪೂರ್ವ ಕಾಲೇಜಿನಲ್ಲಿ, ಸರ್ಕಾರಿ ಹಿರಿಯ ಪ್ರಾಥಮಿಕ ಶಾಲೆಯಲ್ಲಿ ಹಾಗೂ ಖಾಸಗಿ ಶಿಕ್ಷಣ ಸಂಸ್ಥೆಗಳಲ್ಲಿ ಯೋಗ ದಿನಾಚರಣೆ ಅಚ್ಚುಕಟ್ಟಾಗಿ ನಡೆಯಿತು. ವಿದ್ಯಾರ್ಥಿಗಳು ವಿವಿಧ ಆಸನಗಳನ್ನು ಪ್ರದರ್ಶಿಸಿದರು. ಯೋಗ ಶಿಕ್ಷಕರು ಮಾತನಾಡಿ, ಯೋಗದಿಂದ ರೋಗಮುಕ್ತ ಜೀವನ ಸಾಧ್ಯ, ಪ್ರತಿಯೊಬ್ಬರೂ ದಿನನಿತ್ಯ ಯೋಗ ಮಾಡುವುದನ್ನು ರೂಢಿಸಿಕೊಳ್ಳಬೇಕು ಎಂದರು. ಕಾರ್ಯಕ್ರಮದಲ್ಲಿ ಸಂಸ್ಥೆಯ ಅಧ್ಯಕ್ಷರು, ಕಾರ್ಯದರ್ಶಿಗಳು, ಪ್ರಾಚಾರ್ಯರು, ಉಪನ್ಯಾಸಕರು, ಶಿಕ್ಷಕರು ಹಾಗೂ ವಿದ್ಯಾರ್ಥಿಗಳು ಪಾಲ್ಗೊಂಡಿದ್ದರು. ನಂತರ ಯೋಗ ಸಾಧಕರನ್ನು ಸನ್ಮಾನಿಸಲಾಯಿತು. ಆರೋಗ್ಯ ಇಲಾಖೆಯ ಸಿಬ್ಬಂದಿಗಳು ಯೋಗದ ಮಹತ್ವ ಕುರಿತು ಜಾಗೃತಿ ಮೂಡಿಸಿದರು. ಕಾರ್ಯಕ್ರಮದ ಕೊನೆಯಲ್ಲಿ ಎಲ್ಲರಿಗೂ ಉಪಾಹಾರ ವ್ಯವಸ್ಥೆ ಮಾಡಲಾಗಿತ್ತು.
